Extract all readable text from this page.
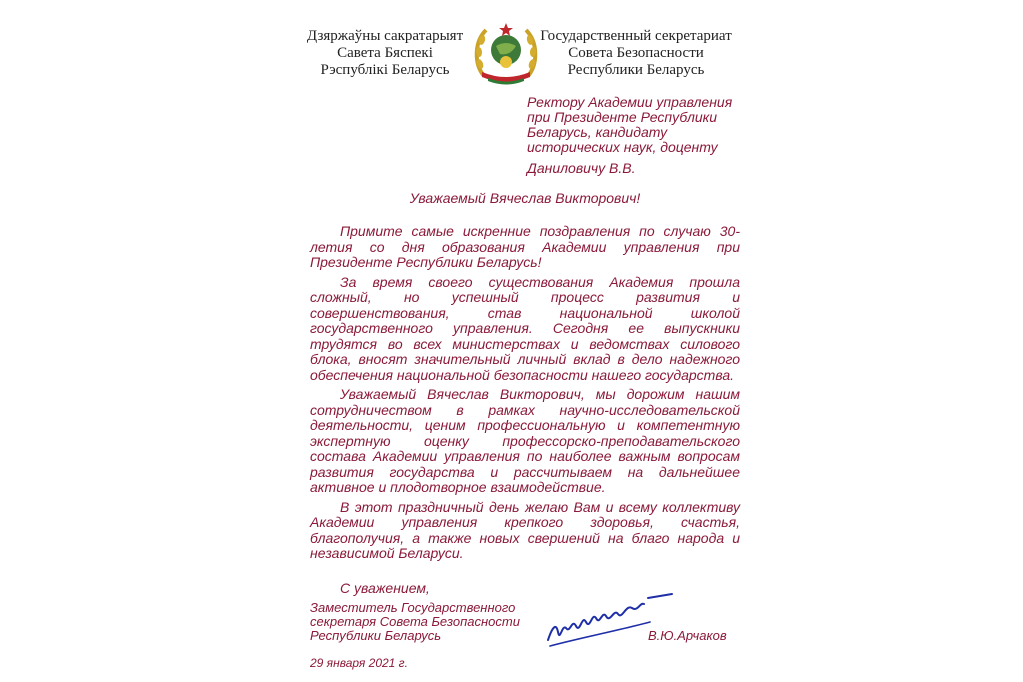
Дзяржаўны сакратарыят
Савета Бяспекі
Рэспублікі Беларусь
Государственный секретариат
Совета Безопасности
Республики Беларусь
Ректору Академии управления
при Президенте Республики
Беларусь, кандидату
исторических наук, доценту
Даниловичу В.В.
Уважаемый Вячеслав Викторович!

Примите самые искренние поздравления по случаю 30-летия со дня образования Академии управления при Президенте Республики Беларусь!

За время своего существования Академия прошла сложный, но успешный процесс развития и совершенствования, став национальной школой государственного управления. Сегодня ее выпускники трудятся во всех министерствах и ведомствах силового блока, вносят значительный личный вклад в дело надежного обеспечения национальной безопасности нашего государства.

Уважаемый Вячеслав Викторович, мы дорожим нашим сотрудничеством в рамках научно-исследовательской деятельности, ценим профессиональную и компетентную экспертную оценку профессорско-преподавательского состава Академии управления по наиболее важным вопросам развития государства и рассчитываем на дальнейшее активное и плодотворное взаимодействие.

В этот праздничный день желаю Вам и всему коллективу Академии управления крепкого здоровья, счастья, благополучия, а также новых свершений на благо народа и независимой Беларуси.

С уважением,
Заместитель Государственного
секретаря Совета Безопасности
Республики Беларусь	В.Ю.Арчаков
29 января 2021 г.
